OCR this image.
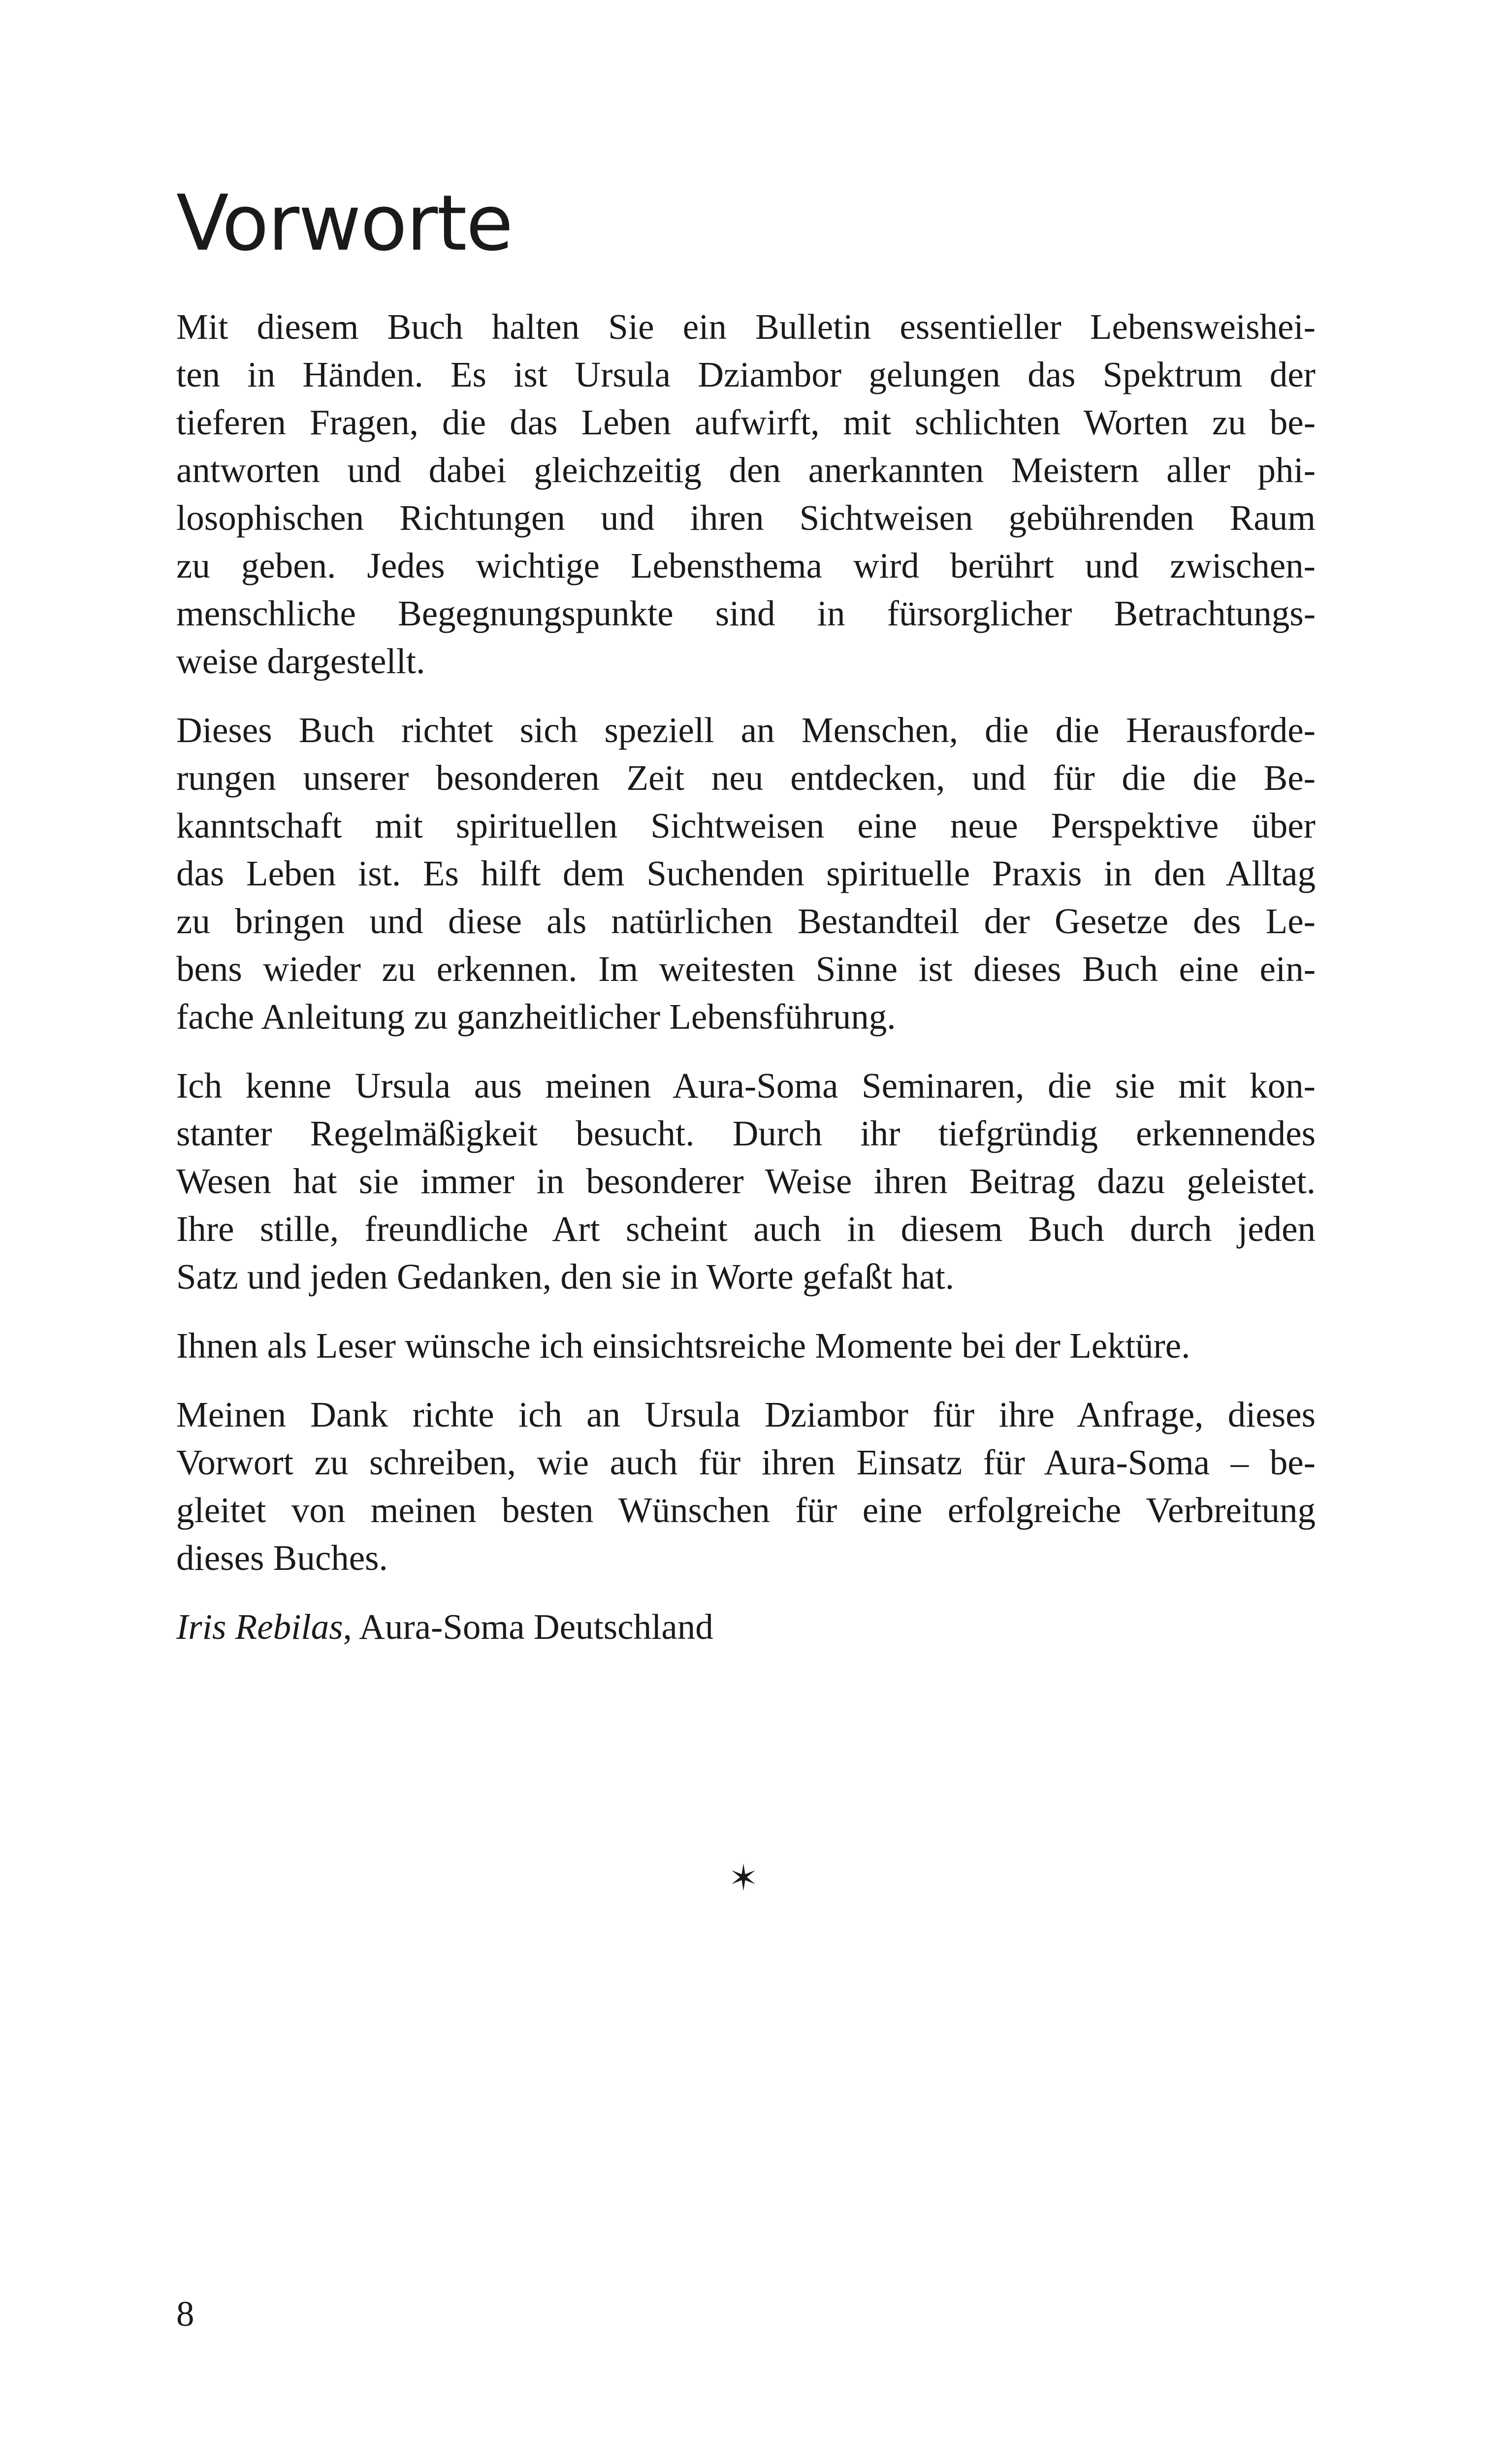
Vorworte

Mit diesem Buch halten Sie ein Bulletin essentieller Lebensweishei-
ten in Händen. Es ist Ursula Dziambor gelungen das Spektrum der
tieferen Fragen, die das Leben aufwirft, mit schlichten Worten zu be-
antworten und dabei gleichzeitig den anerkannten Meistern aller phi-
losophischen Richtungen und ihren Sichtweisen gebührenden Raum
zu geben. Jedes wichtige Lebensthema wird berührt und zwischen-
menschliche Begegnungspunkte sind in fürsorglicher Betrachtungs-
weise dargestellt.

Dieses Buch richtet sich speziell an Menschen, die die Herausforde-
rungen unserer besonderen Zeit neu entdecken, und für die die Be-
kanntschaft mit spirituellen Sichtweisen eine neue Perspektive über
das Leben ist. Es hilft dem Suchenden spirituelle Praxis in den Alltag
zu bringen und diese als natürlichen Bestandteil der Gesetze des Le-
bens wieder zu erkennen. Im weitesten Sinne ist dieses Buch eine ein-
fache Anleitung zu ganzheitlicher Lebensführung.

Ich kenne Ursula aus meinen Aura-Soma Seminaren, die sie mit kon-
stanter Regelmäßigkeit besucht. Durch ihr tiefgründig erkennendes
Wesen hat sie immer in besonderer Weise ihren Beitrag dazu geleistet.
Ihre stille, freundliche Art scheint auch in diesem Buch durch jeden
Satz und jeden Gedanken, den sie in Worte gefaßt hat.

Ihnen als Leser wünsche ich einsichtsreiche Momente bei der Lektüre.

Meinen Dank richte ich an Ursula Dziambor für ihre Anfrage, dieses
Vorwort zu schreiben, wie auch für ihren Einsatz für Aura-Soma – be-
gleitet von meinen besten Wünschen für eine erfolgreiche Verbreitung
dieses Buches.

Iris Rebilas, Aura-Soma Deutschland

8
